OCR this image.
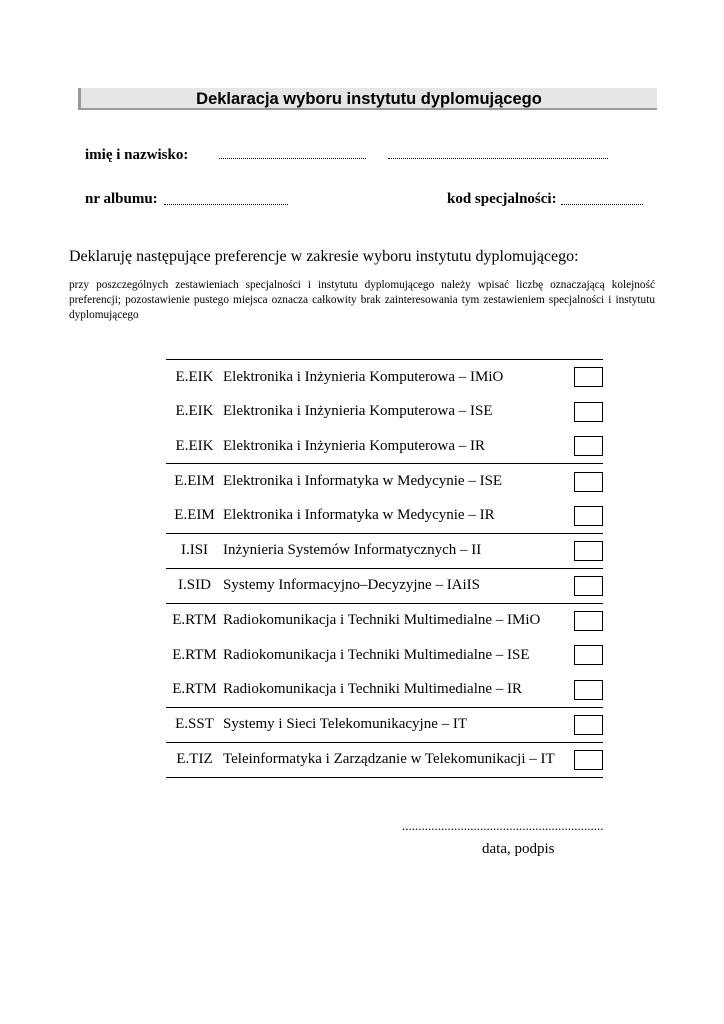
Deklaracja wyboru instytutu dyplomującego
imię i nazwisko:
nr albumu:	kod specjalności:
Deklaruję następujące preferencje w zakresie wyboru instytutu dyplomującego:
przy poszczególnych zestawieniach specjalności i instytutu dyplomującego należy wpisać liczbę oznaczającą kolejność preferencji; pozostawienie pustego miejsca oznacza całkowity brak zainteresowania tym zestawieniem specjalności i instytutu dyplomującego
E.EIK	Elektronika i Inżynieria Komputerowa – IMiO	
E.EIK	Elektronika i Inżynieria Komputerowa – ISE	
E.EIK	Elektronika i Inżynieria Komputerowa – IR	
E.EIM	Elektronika i Informatyka w Medycynie – ISE	
E.EIM	Elektronika i Informatyka w Medycynie – IR	
I.ISI	Inżynieria Systemów Informatycznych – II	
I.SID	Systemy Informacyjno–Decyzyjne – IAiIS	
E.RTM	Radiokomunikacja i Techniki Multimedialne – IMiO	
E.RTM	Radiokomunikacja i Techniki Multimedialne – ISE	
E.RTM	Radiokomunikacja i Techniki Multimedialne – IR	
E.SST	Systemy i Sieci Telekomunikacyjne – IT	
E.TIZ	Teleinformatyka i Zarządzanie w Telekomunikacji – IT	
..............................................................
data, podpis
